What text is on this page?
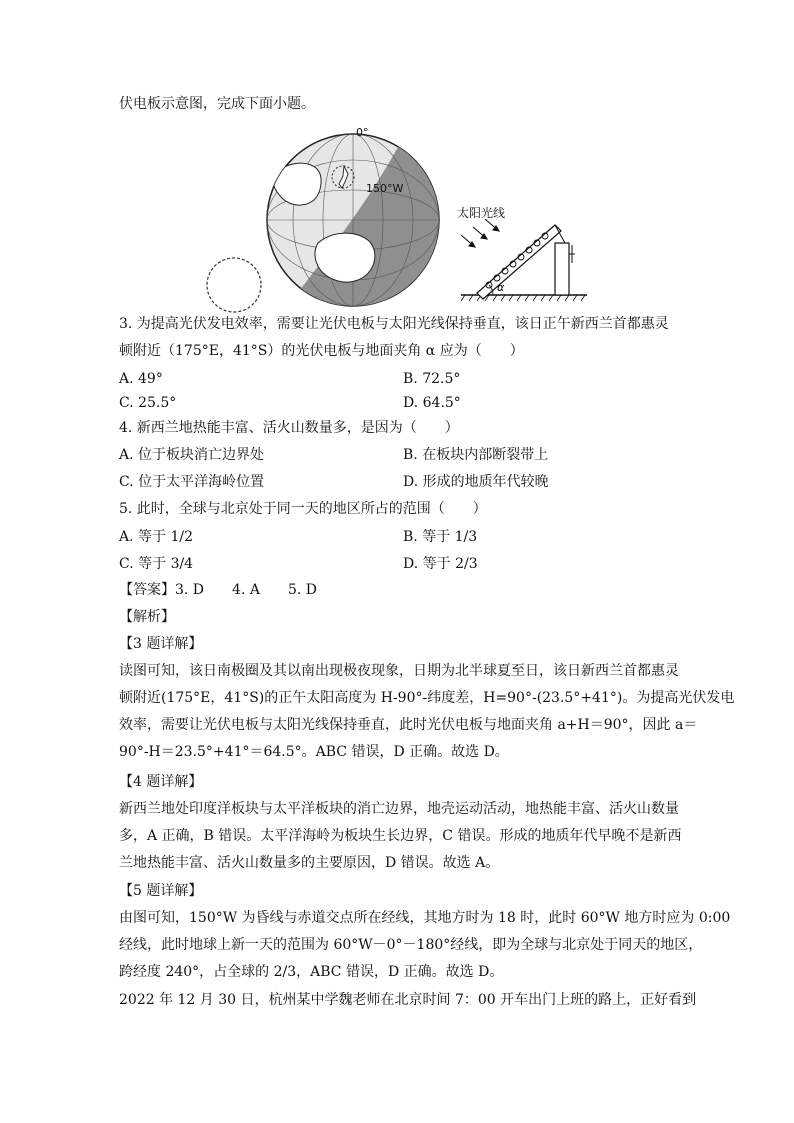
伏电板示意图，完成下面小题。
0°
150°W
太阳光线
α
3. 为提高光伏发电效率，需要让光伏电板与太阳光线保持垂直，该日正午新西兰首都惠灵
顿附近（175°E，41°S）的光伏电板与地面夹角 α 应为（　　）
A. 49°	B. 72.5°
C. 25.5°	D. 64.5°
4. 新西兰地热能丰富、活火山数量多，是因为（　　）
A. 位于板块消亡边界处	B. 在板块内部断裂带上
C. 位于太平洋海岭位置	D. 形成的地质年代较晚
5. 此时，全球与北京处于同一天的地区所占的范围（　　）
A. 等于 1/2	B. 等于 1/3
C. 等于 3/4	D. 等于 2/3
【答案】3. D　　4. A　　5. D
【解析】
【3 题详解】
读图可知，该日南极圈及其以南出现极夜现象，日期为北半球夏至日，该日新西兰首都惠灵
顿附近(175°E，41°S)的正午太阳高度为 H-90°-纬度差，H=90°-(23.5°+41°)。为提高光伏发电
效率，需要让光伏电板与太阳光线保持垂直，此时光伏电板与地面夹角 a+H＝90°，因此 a＝
90°-H＝23.5°+41°＝64.5°。ABC 错误，D 正确。故选 D。
【4 题详解】
新西兰地处印度洋板块与太平洋板块的消亡边界，地壳运动活动，地热能丰富、活火山数量
多，A 正确，B 错误。太平洋海岭为板块生长边界，C 错误。形成的地质年代早晚不是新西
兰地热能丰富、活火山数量多的主要原因，D 错误。故选 A。
【5 题详解】
由图可知，150°W 为昏线与赤道交点所在经线，其地方时为 18 时，此时 60°W 地方时应为 0:00
经线，此时地球上新一天的范围为 60°W－0°－180°经线，即为全球与北京处于同天的地区，
跨经度 240°，占全球的 2/3，ABC 错误，D 正确。故选 D。
2022 年 12 月 30 日，杭州某中学魏老师在北京时间 7：00 开车出门上班的路上，正好看到
